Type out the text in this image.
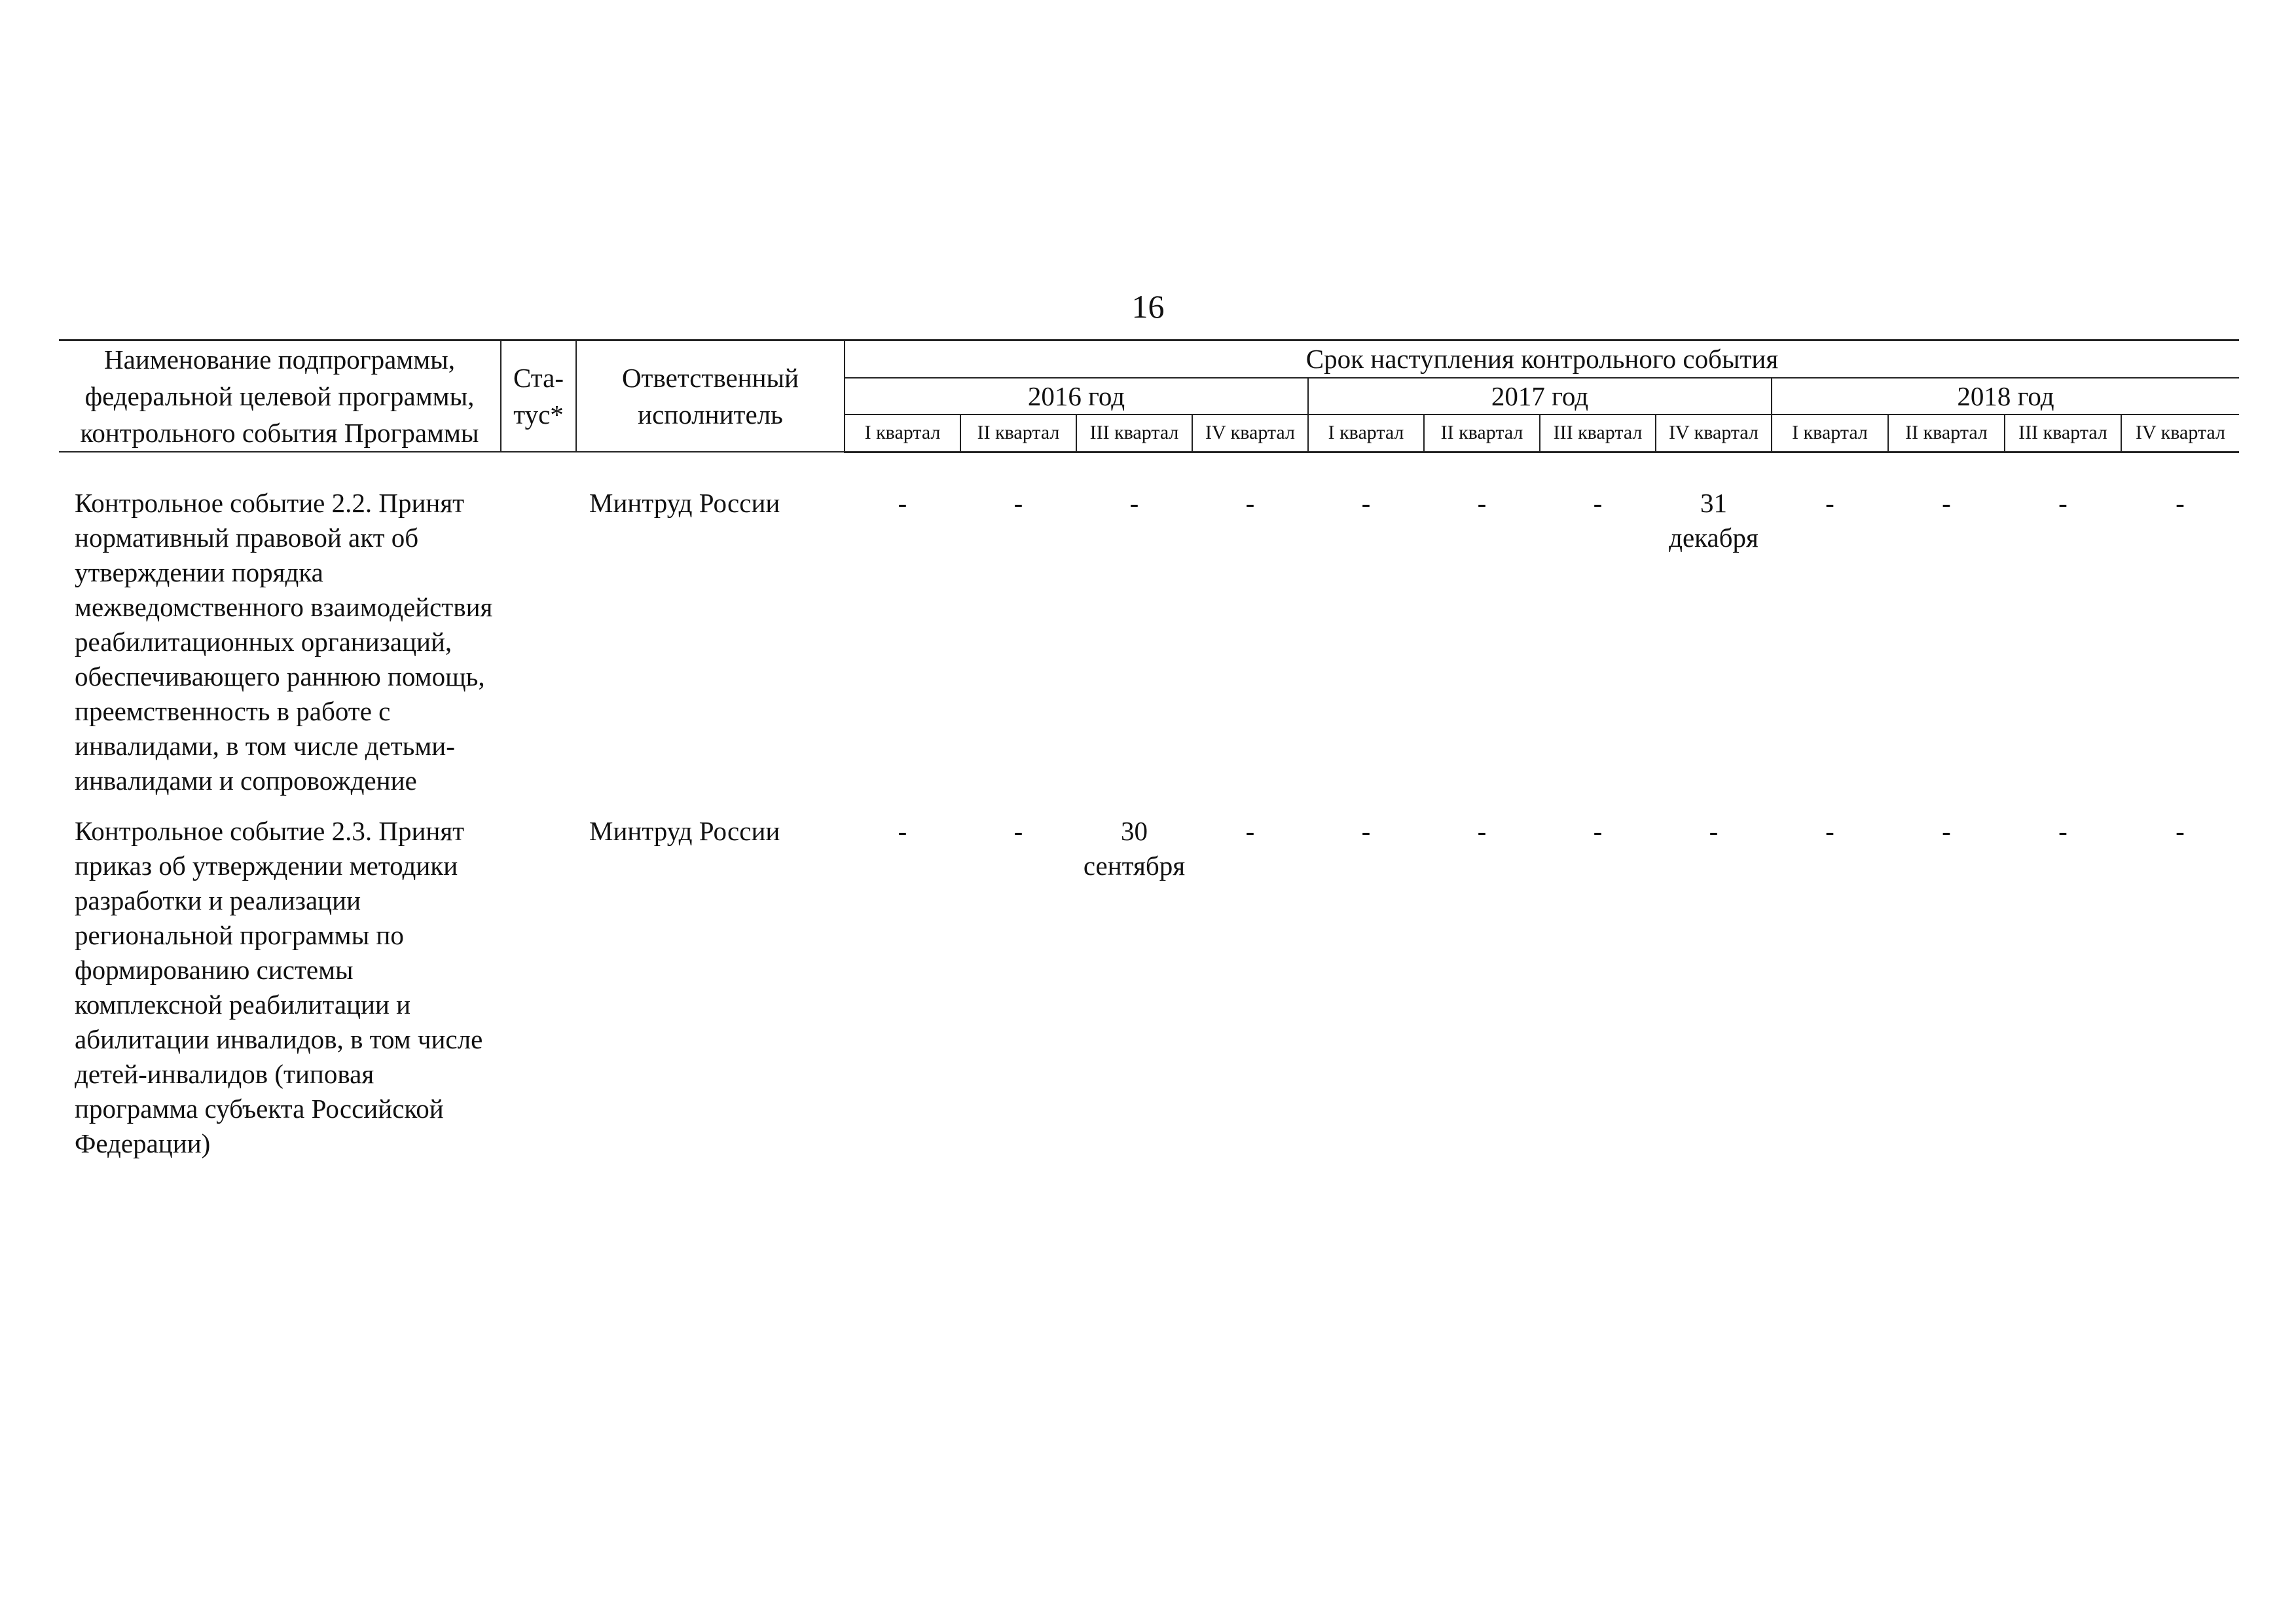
16
Наименование подпрограммы, федеральной целевой программы, контрольного события Программы	Ста-тус*	Ответственный исполнитель	Срок наступления контрольного события											
			2016 год				2017 год				2018 год			
			I квартал	II квартал	III квартал	IV квартал	I квартал	II квартал	III квартал	IV квартал	I квартал	II квартал	III квартал	IV квартал

Контрольное событие 2.2. Принят нормативный правовой акт об утверждении порядка межведомственного взаимодействия реабилитационных организаций, обеспечивающего раннюю помощь, преемственность в работе с инвалидами, в том числе детьми-инвалидами и сопровождение		Минтруд России	-	-	-	-	-	-	-	31 декабря	-	-	-	-
Контрольное событие 2.3. Принят приказ об утверждении методики разработки и реализации региональной программы по формированию системы комплексной реабилитации и абилитации инвалидов, в том числе детей-инвалидов (типовая программа субъекта Российской Федерации)		Минтруд России	-	-	30 сентября	-	-	-	-	-	-	-	-	-
